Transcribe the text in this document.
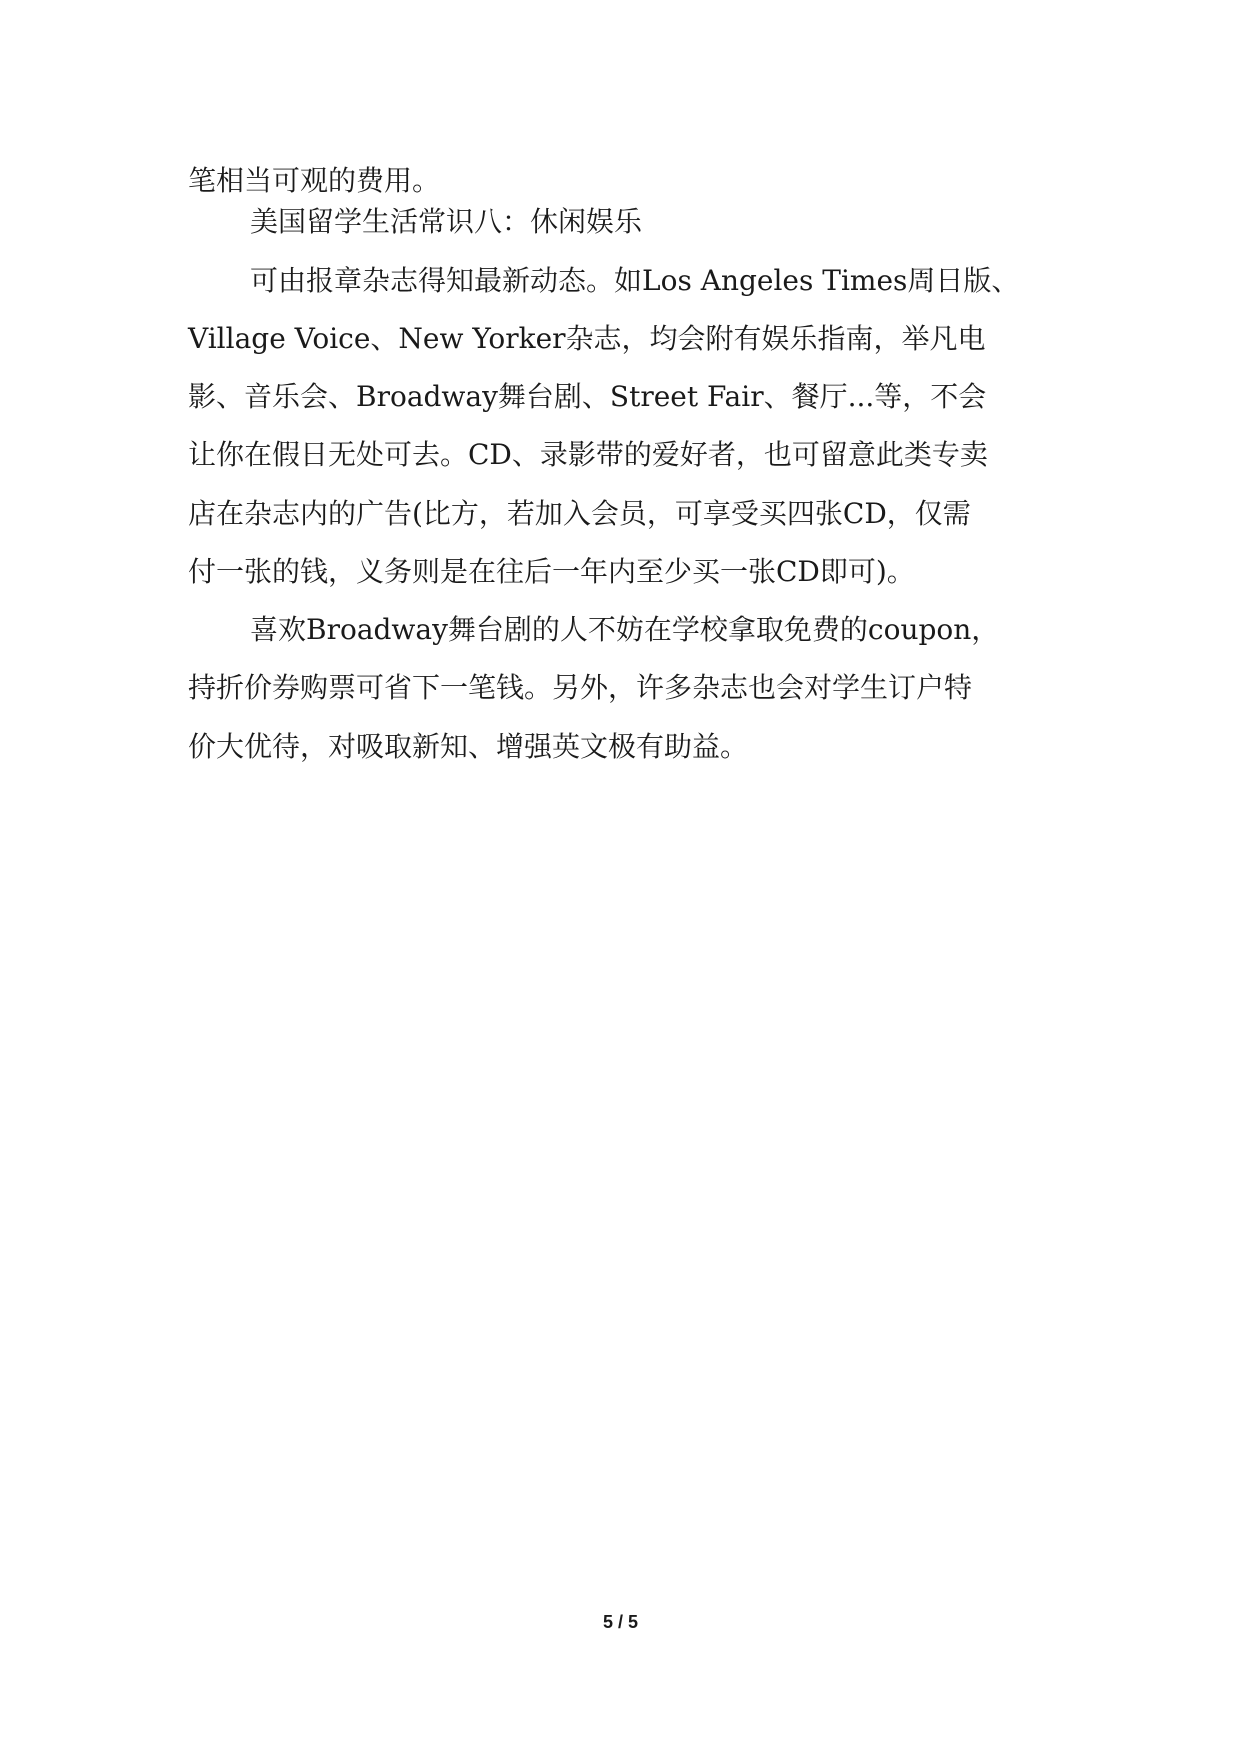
笔相当可观的费用。
美国留学生活常识八：休闲娱乐
可由报章杂志得知最新动态。如Los Angeles Times周日版、
Village Voice、New Yorker杂志，均会附有娱乐指南，举凡电
影、音乐会、Broadway舞台剧、Street Fair、餐厅...等，不会
让你在假日无处可去。CD、录影带的爱好者，也可留意此类专卖
店在杂志内的广告(比方，若加入会员，可享受买四张CD，仅需
付一张的钱，义务则是在往后一年内至少买一张CD即可)。
喜欢Broadway舞台剧的人不妨在学校拿取免费的coupon，
持折价券购票可省下一笔钱。另外，许多杂志也会对学生订户特
价大优待，对吸取新知、增强英文极有助益。
5 / 5
